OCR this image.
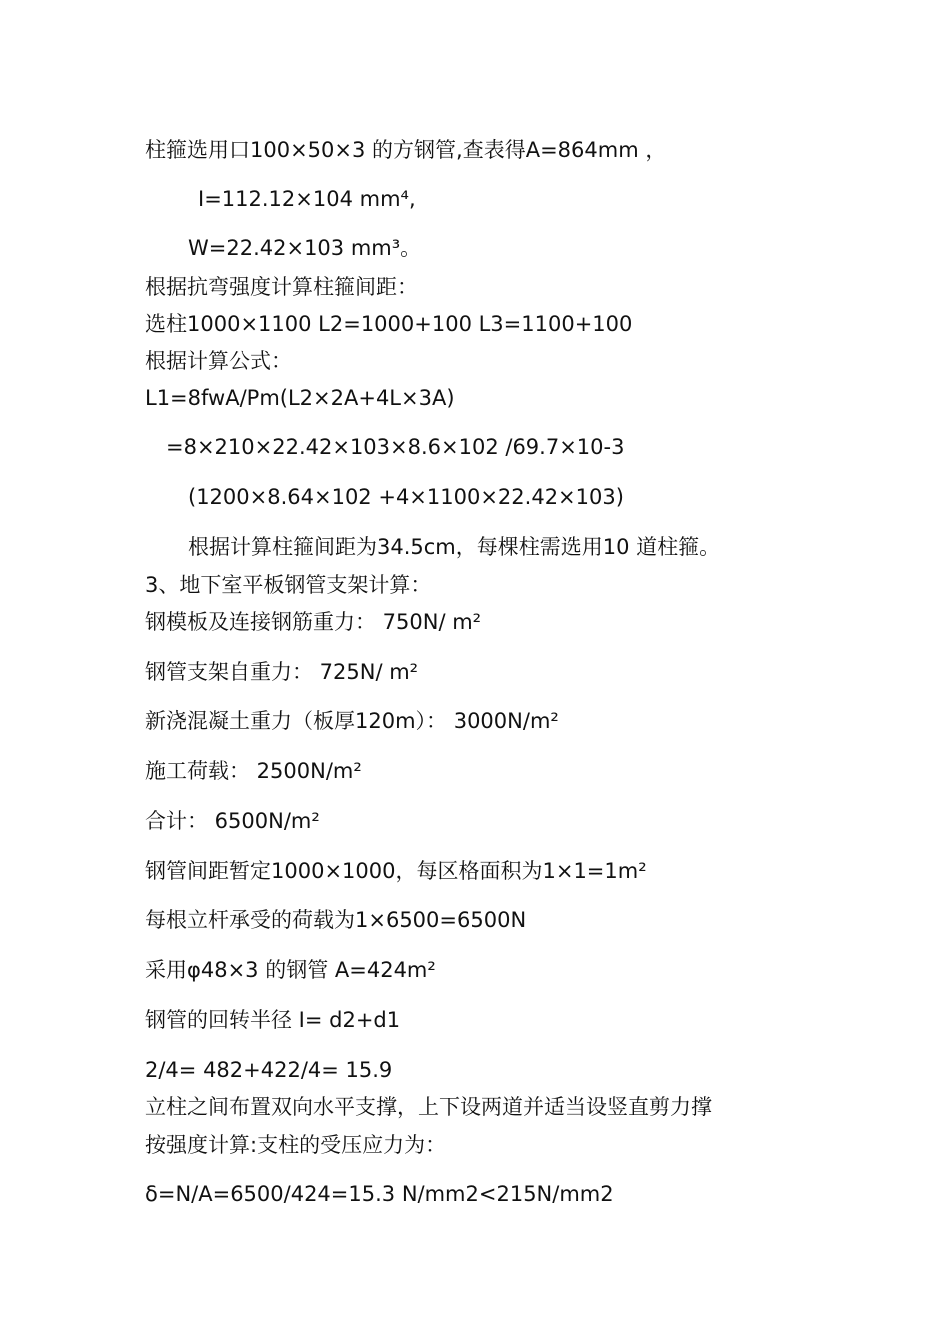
柱箍选用口100×50×3 的方钢管,查表得A=864mm ，
I=112.12×104 mm⁴,
W=22.42×103 mm³。
根据抗弯强度计算柱箍间距：
选柱1000×1100 L2=1000+100 L3=1100+100
根据计算公式：
L1=8fwA/Pm(L2×2A+4L×3A)
=8×210×22.42×103×8.6×102 /69.7×10-3
(1200×8.64×102 +4×1100×22.42×103)
根据计算柱箍间距为34.5cm，每棵柱需选用10 道柱箍。
3、地下室平板钢管支架计算：
钢模板及连接钢筋重力： 750N/ m²
钢管支架自重力： 725N/ m²
新浇混凝土重力（板厚120m）： 3000N/m²
施工荷载： 2500N/m²
合计： 6500N/m²
钢管间距暂定1000×1000，每区格面积为1×1=1m²
每根立杆承受的荷载为1×6500=6500N
采用φ48×3 的钢管 A=424m²
钢管的回转半径 I= d2+d1
2/4= 482+422/4= 15.9
立柱之间布置双向水平支撑，上下设两道并适当设竖直剪力撑
按强度计算:支柱的受压应力为：
δ=N/A=6500/424=15.3 N/mm2<215N/mm2
